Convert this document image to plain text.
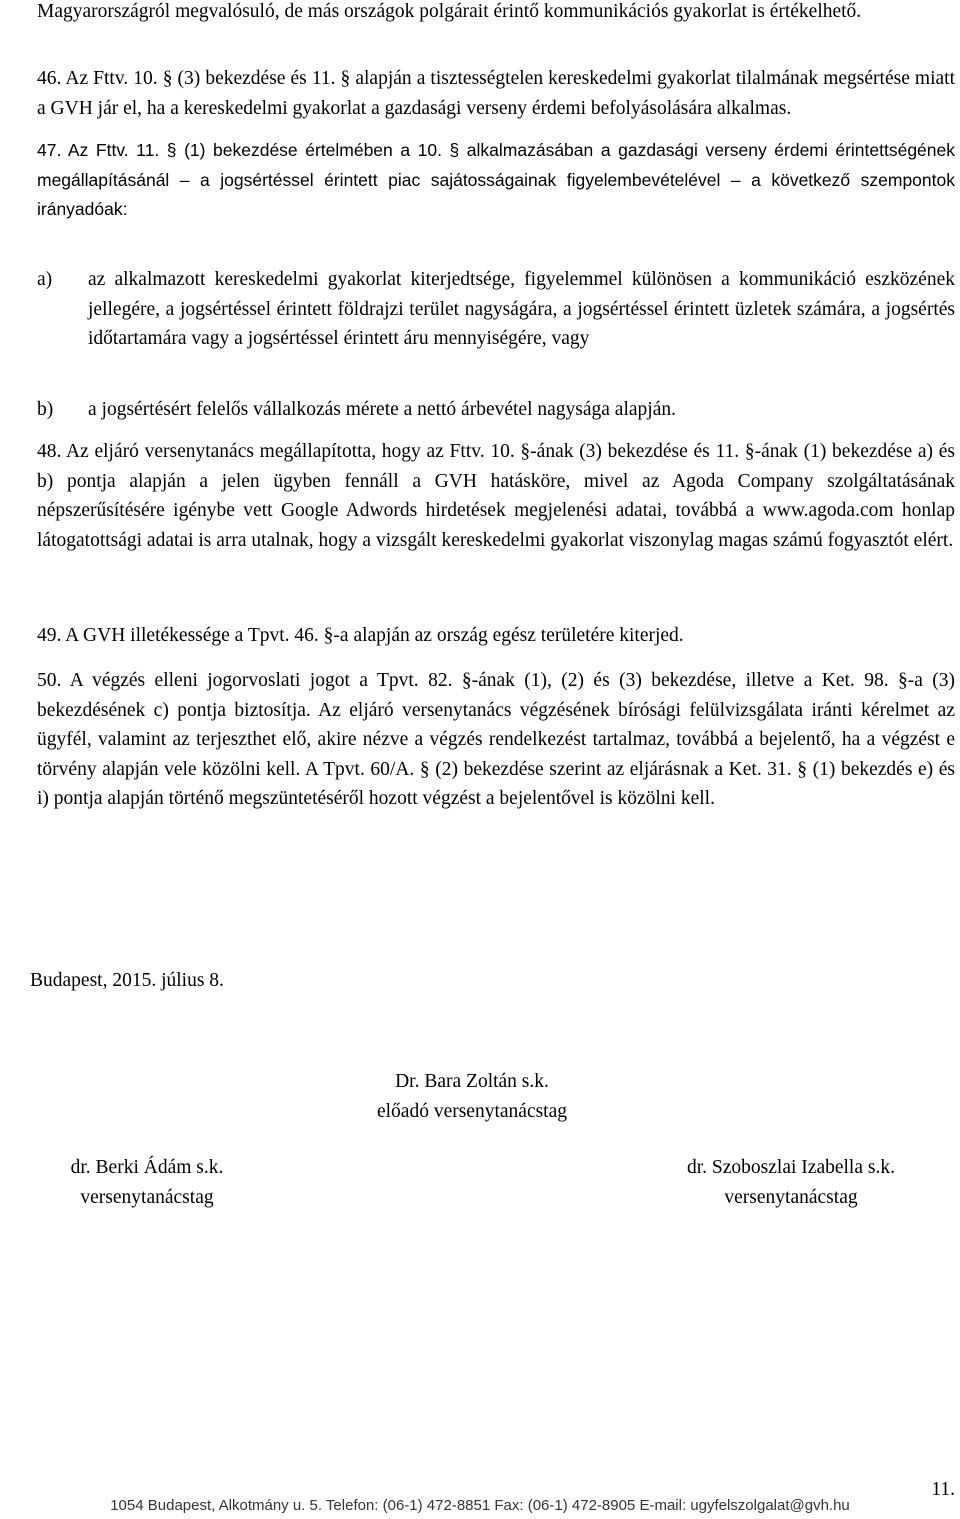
Magyarországról megvalósuló, de más országok polgárait érintő kommunikációs gyakorlat is értékelhető.

46. Az Fttv. 10. § (3) bekezdése és 11. § alapján a tisztességtelen kereskedelmi gyakorlat tilalmának megsértése miatt a GVH jár el, ha a kereskedelmi gyakorlat a gazdasági verseny érdemi befolyásolására alkalmas.

47. Az Fttv. 11. § (1) bekezdése értelmében a 10. § alkalmazásában a gazdasági verseny érdemi érintettségének megállapításánál – a jogsértéssel érintett piac sajátosságainak figyelembevételével – a következő szempontok irányadóak:

a) az alkalmazott kereskedelmi gyakorlat kiterjedtsége, figyelemmel különösen a kommunikáció eszközének jellegére, a jogsértéssel érintett földrajzi terület nagyságára, a jogsértéssel érintett üzletek számára, a jogsértés időtartamára vagy a jogsértéssel érintett áru mennyiségére, vagy
b) a jogsértésért felelős vállalkozás mérete a nettó árbevétel nagysága alapján.

48. Az eljáró versenytanács megállapította, hogy az Fttv. 10. §-ának (3) bekezdése és 11. §-ának (1) bekezdése a) és b) pontja alapján a jelen ügyben fennáll a GVH hatásköre, mivel az Agoda Company szolgáltatásának népszerűsítésére igénybe vett Google Adwords hirdetések megjelenési adatai, továbbá a www.agoda.com honlap látogatottsági adatai is arra utalnak, hogy a vizsgált kereskedelmi gyakorlat viszonylag magas számú fogyasztót elért.

49. A GVH illetékessége a Tpvt. 46. §-a alapján az ország egész területére kiterjed.

50. A végzés elleni jogorvoslati jogot a Tpvt. 82. §-ának (1), (2) és (3) bekezdése, illetve a Ket. 98. §-a (3) bekezdésének c) pontja biztosítja. Az eljáró versenytanács végzésének bírósági felülvizsgálata iránti kérelmet az ügyfél, valamint az terjeszthet elő, akire nézve a végzés rendelkezést tartalmaz, továbbá a bejelentő, ha a végzést e törvény alapján vele közölni kell. A Tpvt. 60/A. § (2) bekezdése szerint az eljárásnak a Ket. 31. § (1) bekezdés e) és i) pontja alapján történő megszüntetéséről hozott végzést a bejelentővel is közölni kell.

Budapest, 2015. július 8.
Dr. Bara Zoltán s.k.
előadó versenytanácstag
dr. Berki Ádám s.k.
versenytanácstag
dr. Szoboszlai Izabella s.k.
versenytanácstag
11.
1054 Budapest, Alkotmány u. 5. Telefon: (06-1) 472-8851 Fax: (06-1) 472-8905 E-mail: ugyfelszolgalat@gvh.hu
